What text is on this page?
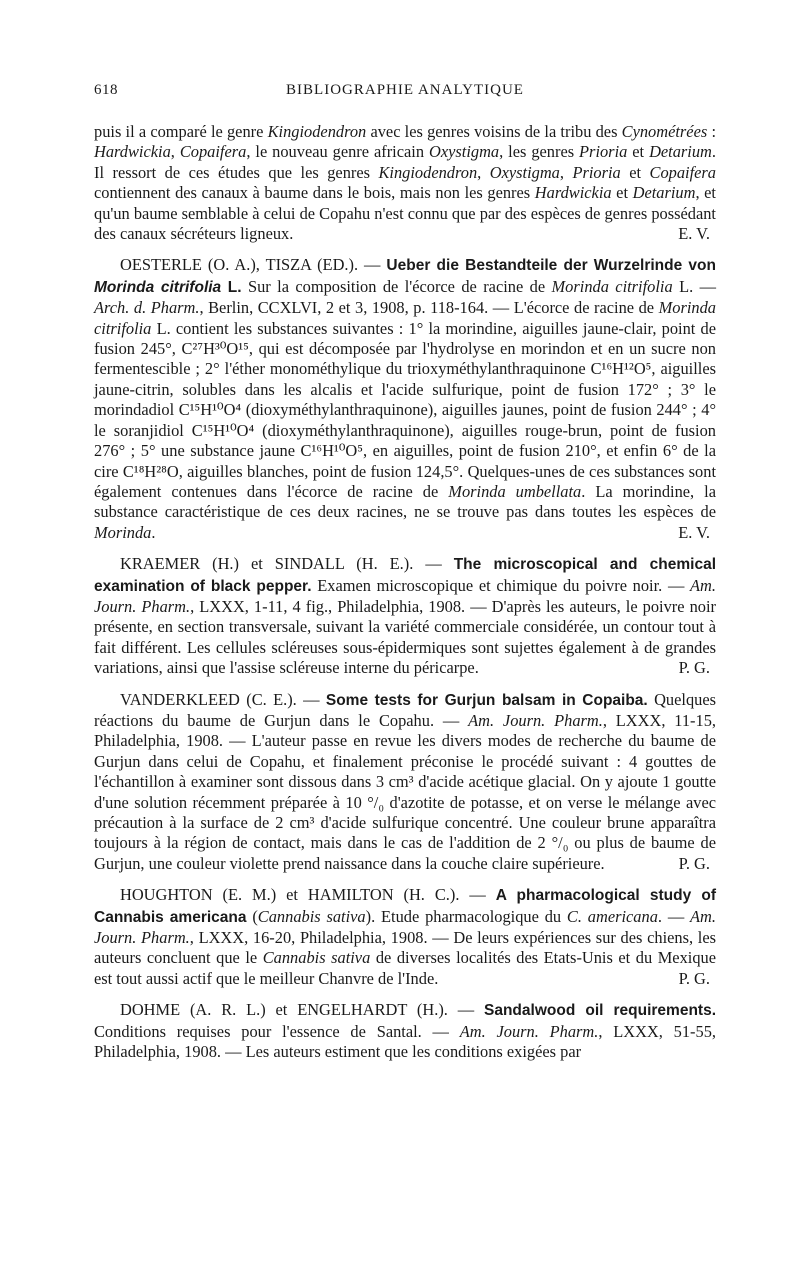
618	BIBLIOGRAPHIE ANALYTIQUE

puis il a comparé le genre Kingiodendron avec les genres voisins de la tribu des Cynométrées : Hardwickia, Copaifera, le nouveau genre africain Oxystigma, les genres Prioria et Detarium. Il ressort de ces études que les genres Kingiodendron, Oxystigma, Prioria et Copaifera contiennent des canaux à baume dans le bois, mais non les genres Hardwickia et Detarium, et qu'un baume semblable à celui de Copahu n'est connu que par des espèces de genres possédant des canaux sécréteurs ligneux.	E. V.

OESTERLE (O. A.), TISZA (ED.). — Ueber die Bestandteile der Wurzelrinde von Morinda citrifolia L. Sur la composition de l'écorce de racine de Morinda citrifolia L. — Arch. d. Pharm., Berlin, CCXLVI, 2 et 3, 1908, p. 118-164. — L'écorce de racine de Morinda citrifolia L. contient les substances suivantes : 1° la morindine, aiguilles jaune-clair, point de fusion 245°, C²⁷H³⁰O¹⁵, qui est décomposée par l'hydrolyse en morindon et en un sucre non fermentescible ; 2° l'éther monométhylique du trioxyméthylanthraquinone C¹⁶H¹²O⁵, aiguilles jaune-citrin, solubles dans les alcalis et l'acide sulfurique, point de fusion 172° ; 3° le morindadiol C¹⁵H¹⁰O⁴ (dioxyméthylanthraquinone), aiguilles jaunes, point de fusion 244° ; 4° le soranjidiol C¹⁵H¹⁰O⁴ (dioxyméthylanthraquinone), aiguilles rouge-brun, point de fusion 276° ; 5° une substance jaune C¹⁶H¹⁰O⁵, en aiguilles, point de fusion 210°, et enfin 6° de la cire C¹⁸H²⁸O, aiguilles blanches, point de fusion 124,5°. Quelques-unes de ces substances sont également contenues dans l'écorce de racine de Morinda umbellata. La morindine, la substance caractéristique de ces deux racines, ne se trouve pas dans toutes les espèces de Morinda.	E. V.

KRAEMER (H.) et SINDALL (H. E.). — The microscopical and chemical examination of black pepper. Examen microscopique et chimique du poivre noir. — Am. Journ. Pharm., LXXX, 1-11, 4 fig., Philadelphia, 1908. — D'après les auteurs, le poivre noir présente, en section transversale, suivant la variété commerciale considérée, un contour tout à fait différent. Les cellules scléreuses sous-épidermiques sont sujettes également à de grandes variations, ainsi que l'assise scléreuse interne du péricarpe.	P. G.

VANDERKLEED (C. E.). — Some tests for Gurjun balsam in Copaiba. Quelques réactions du baume de Gurjun dans le Copahu. — Am. Journ. Pharm., LXXX, 11-15, Philadelphia, 1908. — L'auteur passe en revue les divers modes de recherche du baume de Gurjun dans celui de Copahu, et finalement préconise le procédé suivant : 4 gouttes de l'échantillon à examiner sont dissous dans 3 cm³ d'acide acétique glacial. On y ajoute 1 goutte d'une solution récemment préparée à 10 °/₀ d'azotite de potasse, et on verse le mélange avec précaution à la surface de 2 cm³ d'acide sulfurique concentré. Une couleur brune apparaîtra toujours à la région de contact, mais dans le cas de l'addition de 2 °/₀ ou plus de baume de Gurjun, une couleur violette prend naissance dans la couche claire supérieure.	P. G.

HOUGHTON (E. M.) et HAMILTON (H. C.). — A pharmacological study of Cannabis americana (Cannabis sativa). Etude pharmacologique du C. americana. — Am. Journ. Pharm., LXXX, 16-20, Philadelphia, 1908. — De leurs expériences sur des chiens, les auteurs concluent que le Cannabis sativa de diverses localités des Etats-Unis et du Mexique est tout aussi actif que le meilleur Chanvre de l'Inde.	P. G.

DOHME (A. R. L.) et ENGELHARDT (H.). — Sandalwood oil requirements. Conditions requises pour l'essence de Santal. — Am. Journ. Pharm., LXXX, 51-55, Philadelphia, 1908. — Les auteurs estiment que les conditions exigées par
